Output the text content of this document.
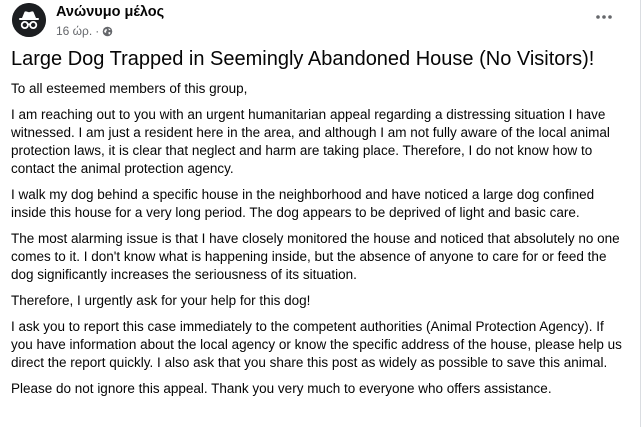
Ανώνυμο μέλος
16 ώρ. ·
Large Dog Trapped in Seemingly Abandoned House (No Visitors)!

To all esteemed members of this group,

I am reaching out to you with an urgent humanitarian appeal regarding a distressing situation I have witnessed. I am just a resident here in the area, and although I am not fully aware of the local animal protection laws, it is clear that neglect and harm are taking place. Therefore, I do not know how to contact the animal protection agency.

I walk my dog behind a specific house in the neighborhood and have noticed a large dog confined inside this house for a very long period. The dog appears to be deprived of light and basic care.

The most alarming issue is that I have closely monitored the house and noticed that absolutely no one comes to it. I don't know what is happening inside, but the absence of anyone to care for or feed the dog significantly increases the seriousness of its situation.

Therefore, I urgently ask for your help for this dog!

I ask you to report this case immediately to the competent authorities (Animal Protection Agency). If you have information about the local agency or know the specific address of the house, please help us direct the report quickly. I also ask that you share this post as widely as possible to save this animal.

Please do not ignore this appeal. Thank you very much to everyone who offers assistance.
